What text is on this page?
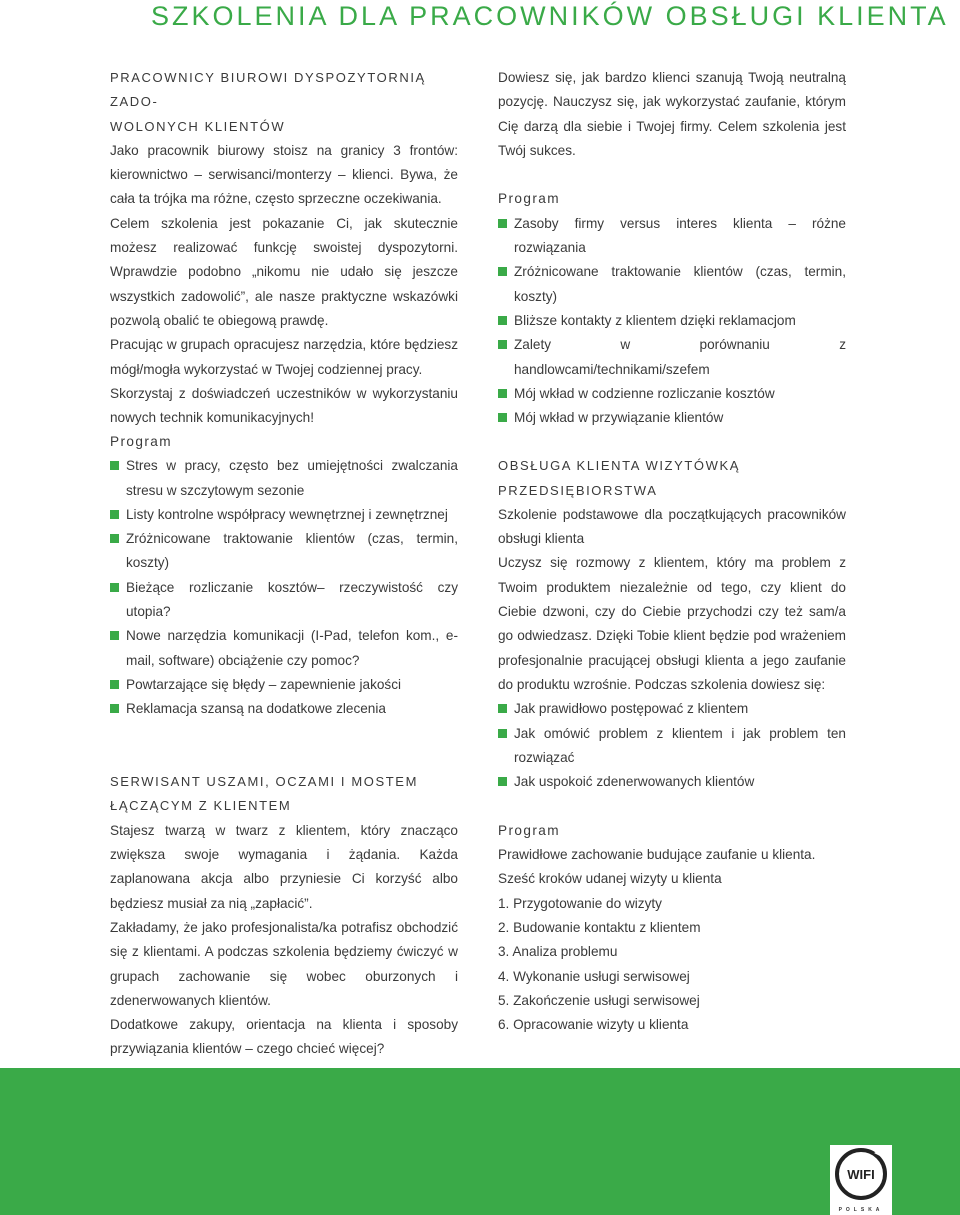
SZKOLENIA DLA PRACOWNIKÓW OBSŁUGI KLIENTA
PRACOWNICY BIUROWI DYSPOZYTORNIĄ ZADO-
WOLONYCH KLIENTÓW

Jako pracownik biurowy stoisz na granicy 3 frontów: kierownictwo – serwisanci/monterzy – klienci. Bywa, że cała ta trójka ma różne, często sprzeczne oczekiwania.

Celem szkolenia jest pokazanie Ci, jak skutecznie możesz realizować funkcję swoistej dyspozytorni. Wprawdzie podobno „nikomu nie udało się jeszcze wszystkich zadowolić”, ale nasze praktyczne wskazówki pozwolą obalić te obiegową prawdę.

Pracując w grupach opracujesz narzędzia, które będziesz mógł/mogła wykorzystać w Twojej codziennej pracy.

Skorzystaj z doświadczeń uczestników w wykorzystaniu nowych technik komunikacyjnych!

Dowiesz się, jak bardzo klienci szanują Twoją neutralną pozycję. Nauczysz się, jak wykorzystać zaufanie, którym Cię darzą dla siebie i Twojej firmy. Celem szkolenia jest Twój sukces.

Program
Zasoby firmy versus interes klienta – różne rozwiązania
Zróżnicowane traktowanie klientów (czas, termin, koszty)
Bliższe kontakty z klientem dzięki reklamacjom
Zalety w porównaniu z handlowcami/technikami/szefem
Mój wkład w codzienne rozliczanie kosztów
Mój wkład w przywiązanie klientów
Program
Stres w pracy, często bez umiejętności zwalczania stresu w szczytowym sezonie
Listy kontrolne współpracy wewnętrznej i zewnętrznej
Zróżnicowane traktowanie klientów (czas, termin, koszty)
Bieżące rozliczanie kosztów– rzeczywistość czy utopia?
Nowe narzędzia komunikacji (I-Pad, telefon kom., e-mail, software) obciążenie czy pomoc?
Powtarzające się błędy – zapewnienie jakości
Reklamacja szansą na dodatkowe zlecenia
SERWISANT USZAMI, OCZAMI I MOSTEM
ŁĄCZĄCYM Z KLIENTEM

Stajesz twarzą w twarz z klientem, który znacząco zwiększa swoje wymagania i żądania. Każda zaplanowana akcja albo przyniesie Ci korzyść albo będziesz musiał za nią „zapłacić”.

Zakładamy, że jako profesjonalista/ka potrafisz obchodzić się z klientami. A podczas szkolenia będziemy ćwiczyć w grupach zachowanie się wobec oburzonych i zdenerwowanych klientów.

Dodatkowe zakupy, orientacja na klienta i sposoby przywiązania klientów – czego chcieć więcej?

OBSŁUGA KLIENTA WIZYTÓWKĄ
PRZEDSIĘBIORSTWA

Szkolenie podstawowe dla początkujących pracowników obsługi klienta

Uczysz się rozmowy z klientem, który ma problem z Twoim produktem niezależnie od tego, czy klient do Ciebie dzwoni, czy do Ciebie przychodzi czy też sam/a go odwiedzasz. Dzięki Tobie klient będzie pod wrażeniem profesjonalnie pracującej obsługi klienta a jego zaufanie do produktu wzrośnie. Podczas szkolenia dowiesz się:

Jak prawidłowo postępować z klientem
Jak omówić problem z klientem i jak problem ten rozwiązać
Jak uspokoić zdenerwowanych klientów
Program

Prawidłowe zachowanie budujące zaufanie u klienta.

Sześć kroków udanej wizyty u klienta

1. Przygotowanie do wizyty
2. Budowanie kontaktu z klientem
3. Analiza problemu
4. Wykonanie usługi serwisowej
5. Zakończenie usługi serwisowej
6. Opracowanie wizyty u klienta
WIFI
POLSKA
